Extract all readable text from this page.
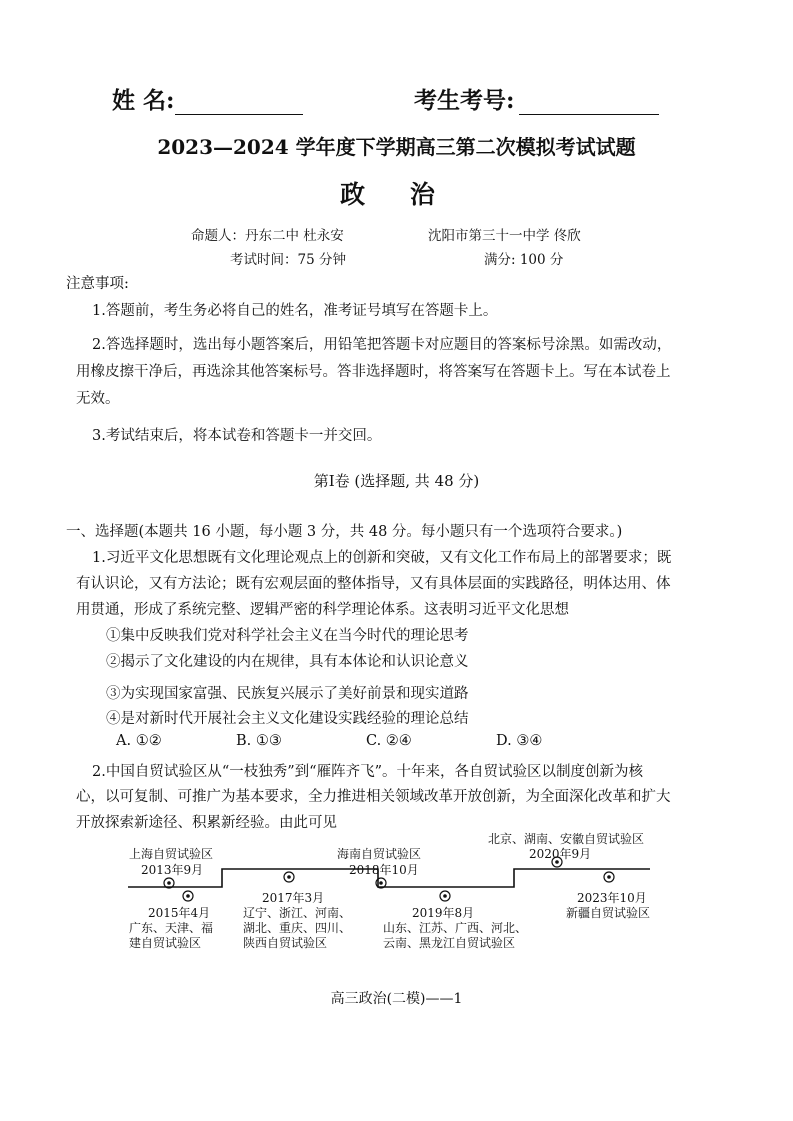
姓 名:	考生考号:
2023—2024 学年度下学期高三第二次模拟考试试题
政 治
命题人：丹东二中 杜永安	沈阳市第三十一中学 佟欣
考试时间：75 分钟	满分: 100 分
注意事项:
1.答题前，考生务必将自己的姓名，准考证号填写在答题卡上。
2.答选择题时，选出每小题答案后，用铅笔把答题卡对应题目的答案标号涂黑。如需改动，
用橡皮擦干净后，再选涂其他答案标号。答非选择题时，将答案写在答题卡上。写在本试卷上
无效。
3.考试结束后，将本试卷和答题卡一并交回。
第Ⅰ卷 (选择题, 共 48 分)
一、选择题(本题共 16 小题，每小题 3 分，共 48 分。每小题只有一个选项符合要求。)
1.习近平文化思想既有文化理论观点上的创新和突破，又有文化工作布局上的部署要求；既
有认识论，又有方法论；既有宏观层面的整体指导，又有具体层面的实践路径，明体达用、体
用贯通，形成了系统完整、逻辑严密的科学理论体系。这表明习近平文化思想
①集中反映我们党对科学社会主义在当今时代的理论思考
②揭示了文化建设的内在规律，具有本体论和认识论意义
③为实现国家富强、民族复兴展示了美好前景和现实道路
④是对新时代开展社会主义文化建设实践经验的理论总结
A. ①②	B. ①③	C. ②④	D. ③④
2.中国自贸试验区从“一枝独秀”到“雁阵齐飞”。十年来，各自贸试验区以制度创新为核
心，以可复制、可推广为基本要求，全力推进相关领域改革开放创新，为全面深化改革和扩大
开放探索新途径、积累新经验。由此可见
上海自贸试验区
2013年9月
2015年4月
广东、天津、福
建自贸试验区
2017年3月
辽宁、浙江、河南、
湖北、重庆、四川、
陕西自贸试验区
海南自贸试验区
2018年10月
2019年8月
山东、江苏、广西、河北、
云南、黑龙江自贸试验区
北京、湖南、安徽自贸试验区
2020年9月
2023年10月
新疆自贸试验区
高三政治(二模)——1
